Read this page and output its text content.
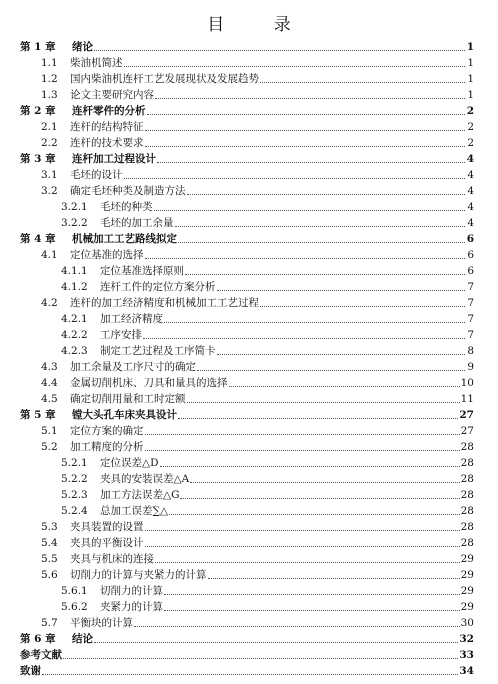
目 录
第 1 章	绪论	1
1.1	柴油机简述	1
1.2	国内柴油机连杆工艺发展现状及发展趋势	1
1.3	论文主要研究内容	1
第 2 章	连杆零件的分析	2
2.1	连杆的结构特征	2
2.2	连杆的技术要求	2
第 3 章	连杆加工过程设计	4
3.1	毛坯的设计	4
3.2	确定毛坯种类及制造方法	4
3.2.1	毛坯的种类	4
3.2.2	毛坯的加工余量	4
第 4 章	机械加工工艺路线拟定	6
4.1	定位基准的选择	6
4.1.1	定位基准选择原则	6
4.1.2	连杆工件的定位方案分析	7
4.2	连杆的加工经济精度和机械加工工艺过程	7
4.2.1	加工经济精度	7
4.2.2	工序安排	7
4.2.3	制定工艺过程及工序简卡	8
4.3	加工余量及工序尺寸的确定	9
4.4	金属切削机床、刀具和量具的选择	10
4.5	确定切削用量和工时定额	11
第 5 章	镗大头孔车床夹具设计	27
5.1	定位方案的确定	27
5.2	加工精度的分析	28
5.2.1	定位误差△D	28
5.2.2	夹具的安装误差△A	28
5.2.3	加工方法误差△G	28
5.2.4	总加工误差∑△	28
5.3	夹具装置的设置	28
5.4	夹具的平衡设计	28
5.5	夹具与机床的连接	29
5.6	切削力的计算与夹紧力的计算	29
5.6.1	切削力的计算	29
5.6.2	夹紧力的计算	29
5.7	平衡块的计算	30
第 6 章	结论	32
参考文献	33
致谢	34
